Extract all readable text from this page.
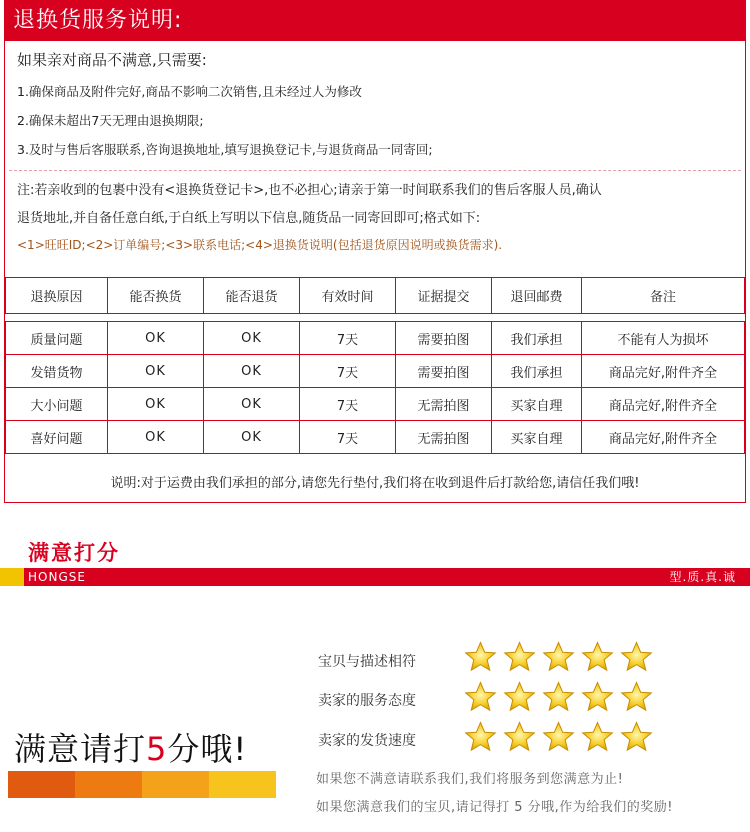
退换货服务说明:
如果亲对商品不满意,只需要:
1.确保商品及附件完好,商品不影响二次销售,且未经过人为修改
2.确保未超出7天无理由退换期限;
3.及时与售后客服联系,咨询退换地址,填写退换登记卡,与退货商品一同寄回;
注:若亲收到的包裹中没有<退换货登记卡>,也不必担心;请亲于第一时间联系我们的售后客服人员,确认
退货地址,并自备任意白纸,于白纸上写明以下信息,随货品一同寄回即可;格式如下:
<1>旺旺ID;<2>订单编号;<3>联系电话;<4>退换货说明(包括退货原因说明或换货需求).
退换原因	能否换货	能否退货	有效时间	证据提交	退回邮费	备注

质量问题	OK	OK	7天	需要拍图	我们承担	不能有人为损坏
发错货物	OK	OK	7天	需要拍图	我们承担	商品完好,附件齐全
大小问题	OK	OK	7天	无需拍图	买家自理	商品完好,附件齐全
喜好问题	OK	OK	7天	无需拍图	买家自理	商品完好,附件齐全
说明:对于运费由我们承担的部分,请您先行垫付,我们将在收到退件后打款给您,请信任我们哦!
满意打分
HONGSE	型.质.真.诚
宝贝与描述相符
卖家的服务态度
卖家的发货速度
满意请打5分哦!
如果您不满意请联系我们,我们将服务到您满意为止!
如果您满意我们的宝贝,请记得打 5 分哦,作为给我们的奖励!
